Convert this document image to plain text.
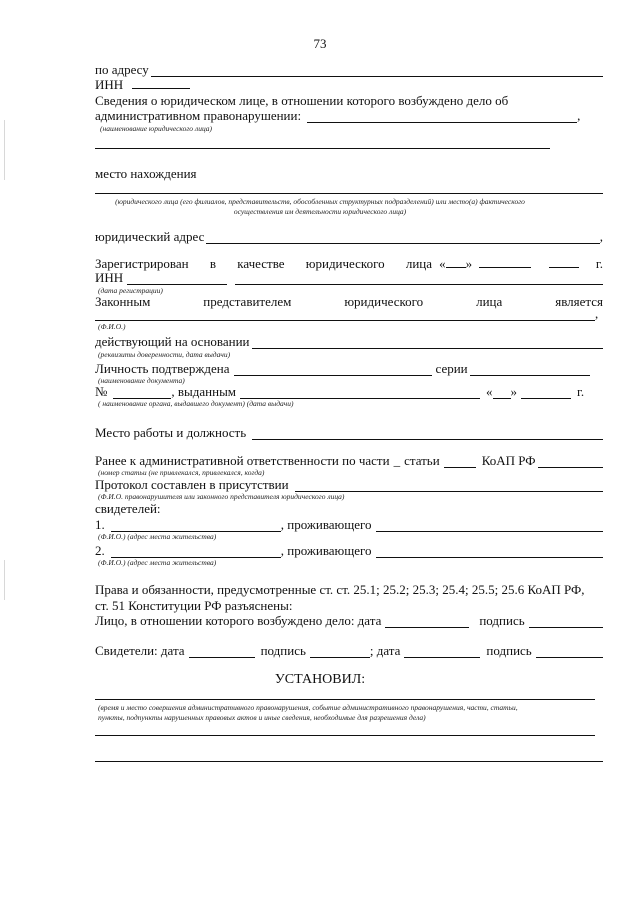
73
по адресу
ИНН
Сведения о юридическом лице, в отношении которого возбуждено дело об
административном правонарушении:	,
(наименование юридического лица)
место нахождения
(юридического лица (его филиалов, представительств, обособленных структурных подразделений) или место(а) фактического
осуществления им деятельности юридического лица)
юридический адрес	,
Зарегистрирован в качестве юридического лица « »	г.
ИНН
(дата регистрации)
Законным	представителем	юридического	лица	является
,
(Ф.И.О.)
действующий на основании
(реквизиты доверенности, дата выдачи)
Личность подтверждена	серии
(наименование документа)
№	, выданным	« »	г.
( наименование органа, выдавшего документ) (дата выдачи)
Место работы и должность
Ранее к административной ответственности по части _ статьи	КоАП РФ
(номер статьи (не привлекался, привлекался, когда)
Протокол составлен в присутствии
(Ф.И.О. правонарушителя или законного представителя юридического лица)
свидетелей:
1.	, проживающего
(Ф.И.О.) (адрес места жительства)
2.	, проживающего
(Ф.И.О.) (адрес места жительства)
Права и обязанности, предусмотренные ст. ст. 25.1; 25.2; 25.3; 25.4; 25.5; 25.6 КоАП РФ,
ст. 51 Конституции РФ разъяснены:
Лицо, в отношении которого возбуждено дело: дата	подпись
Свидетели: дата	подпись	; дата	подпись
УСТАНОВИЛ:
(время и место совершения административного правонарушения, событие административного правонарушения, части, статьи,
пункты, подпункты нарушенных правовых актов и иные сведения, необходимые для разрешения дела)
